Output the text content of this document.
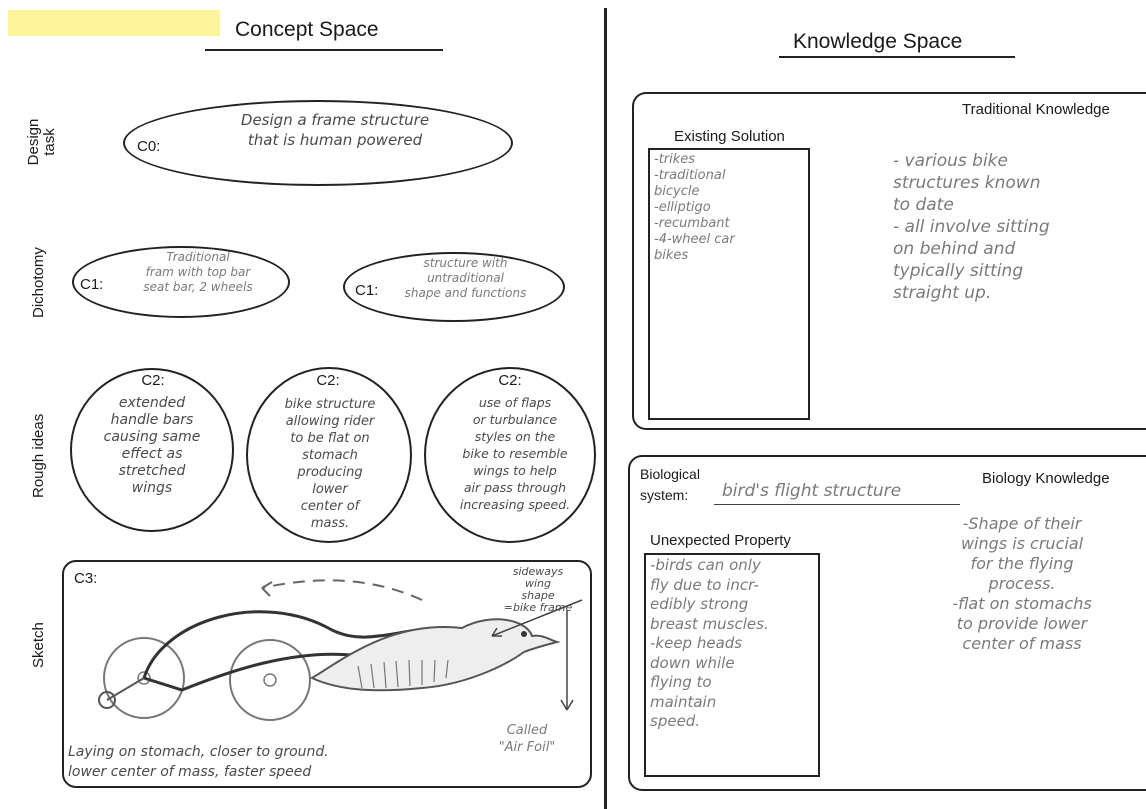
Concept Space
Design task
Dichotomy
Rough ideas
Sketch
C0:
Design a frame structure
that is human powered
C1:
Traditional
fram with top bar
seat bar, 2 wheels	C1:
structure with
untraditional
shape and functions
C2:
extended
handle bars
causing same
effect as
stretched
wings
C2:
bike structure
allowing rider
to be flat on
stomach
producing
lower
center of
mass.
C2:
use of flaps
or turbulance
styles on the
bike to resemble
wings to help
air pass through
increasing speed.
C3:	sideways
wing
shape
=bike frame
Called
"Air Foil"
Laying on stomach, closer to ground.
lower center of mass, faster speed
Knowledge Space
Traditional Knowledge
Existing Solution
-trikes
-traditional
bicycle
-elliptigo
-recumbant
-4-wheel car
bikes
- various bike
structures known
to date
- all involve sitting
on behind and
typically sitting
straight up.
Biology Knowledge
Biological
system: bird's flight structure
Unexpected Property
-birds can only
fly due to incr-
edibly strong
breast muscles.
-keep heads
down while
flying to
maintain
speed.
-Shape of their
wings is crucial
for the flying
process.
-flat on stomachs
to provide lower
center of mass
